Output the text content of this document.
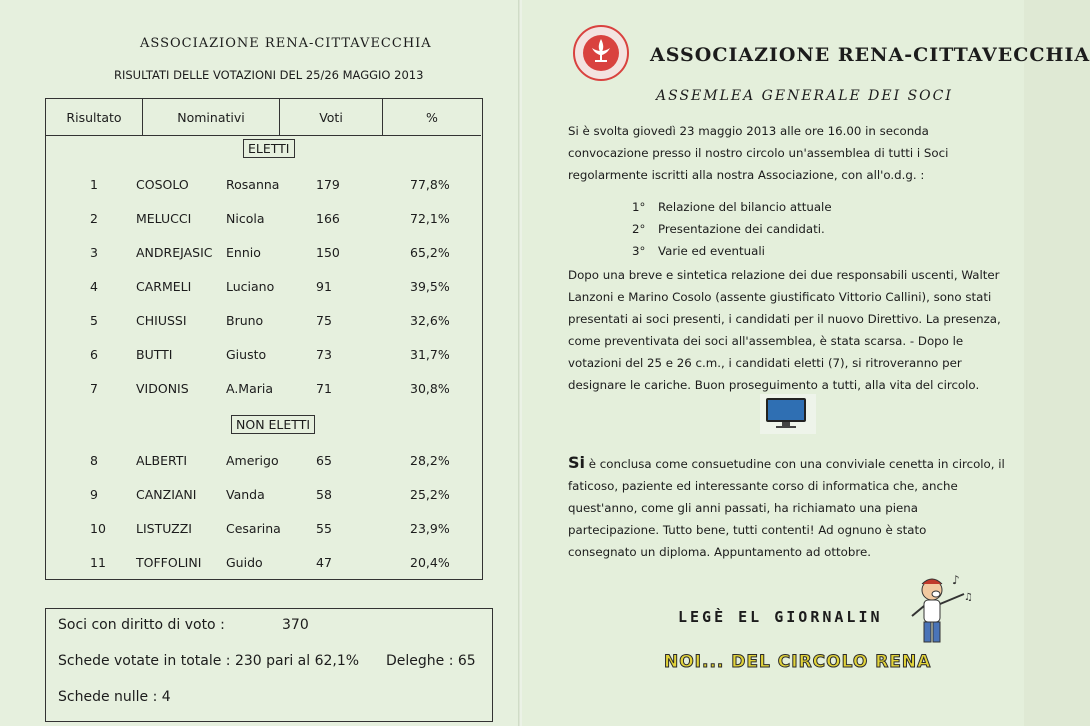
ASSOCIAZIONE RENA-CITTAVECCHIA
RISULTATI DELLE VOTAZIONI DEL 25/26 MAGGIO 2013
Risultato	Nominativi	Voti	%
ELETTI
1	COSOLO	Rosanna	179	77,8%
2	MELUCCI	Nicola	166	72,1%
3	ANDREJASIC Ennio	150	65,2%
4	CARMELI	Luciano	91	39,5%
5	CHIUSSI	Bruno	75	32,6%
6	BUTTI	Giusto	73	31,7%
7	VIDONIS	A.Maria	71	30,8%
NON ELETTI
8	ALBERTI	Amerigo	65	28,2%
9	CANZIANI Vanda	58	25,2%
10 LISTUZZI	Cesarina	55	23,9%
11 TOFFOLINI Guido	47	20,4%
Soci con diritto di voto :	370
Schede votate in totale : 230 pari al 62,1% Deleghe : 65
Schede nulle : 4
ASSOCIAZIONE RENA-CITTAVECCHIA
ASSEMLEA GENERALE DEI SOCI
Si è svolta giovedì 23 maggio 2013 alle ore 16.00 in seconda
convocazione presso il nostro circolo un'assemblea di tutti i Soci
regolarmente iscritti alla nostra Associazione, con all'o.d.g. :
1° Relazione del bilancio attuale
2° Presentazione dei candidati.
3° Varie ed eventuali
Dopo una breve e sintetica relazione dei due responsabili uscenti, Walter
Lanzoni e Marino Cosolo (assente giustificato Vittorio Callini), sono stati
presentati ai soci presenti, i candidati per il nuovo Direttivo. La presenza,
come preventivata dei soci all'assemblea, è stata scarsa. - Dopo le
votazioni del 25 e 26 c.m., i candidati eletti (7), si ritroveranno per
designare le cariche. Buon proseguimento a tutti, alla vita del circolo.
Si è conclusa come consuetudine con una conviviale cenetta in circolo, il
faticoso, paziente ed interessante corso di informatica che, anche
quest'anno, come gli anni passati, ha richiamato una piena
partecipazione. Tutto bene, tutti contenti! Ad ognuno è stato
consegnato un diploma. Appuntamento ad ottobre.
LEGÈ EL GIORNALIN
NOI... DEL CIRCOLO RENA
♪
♫
